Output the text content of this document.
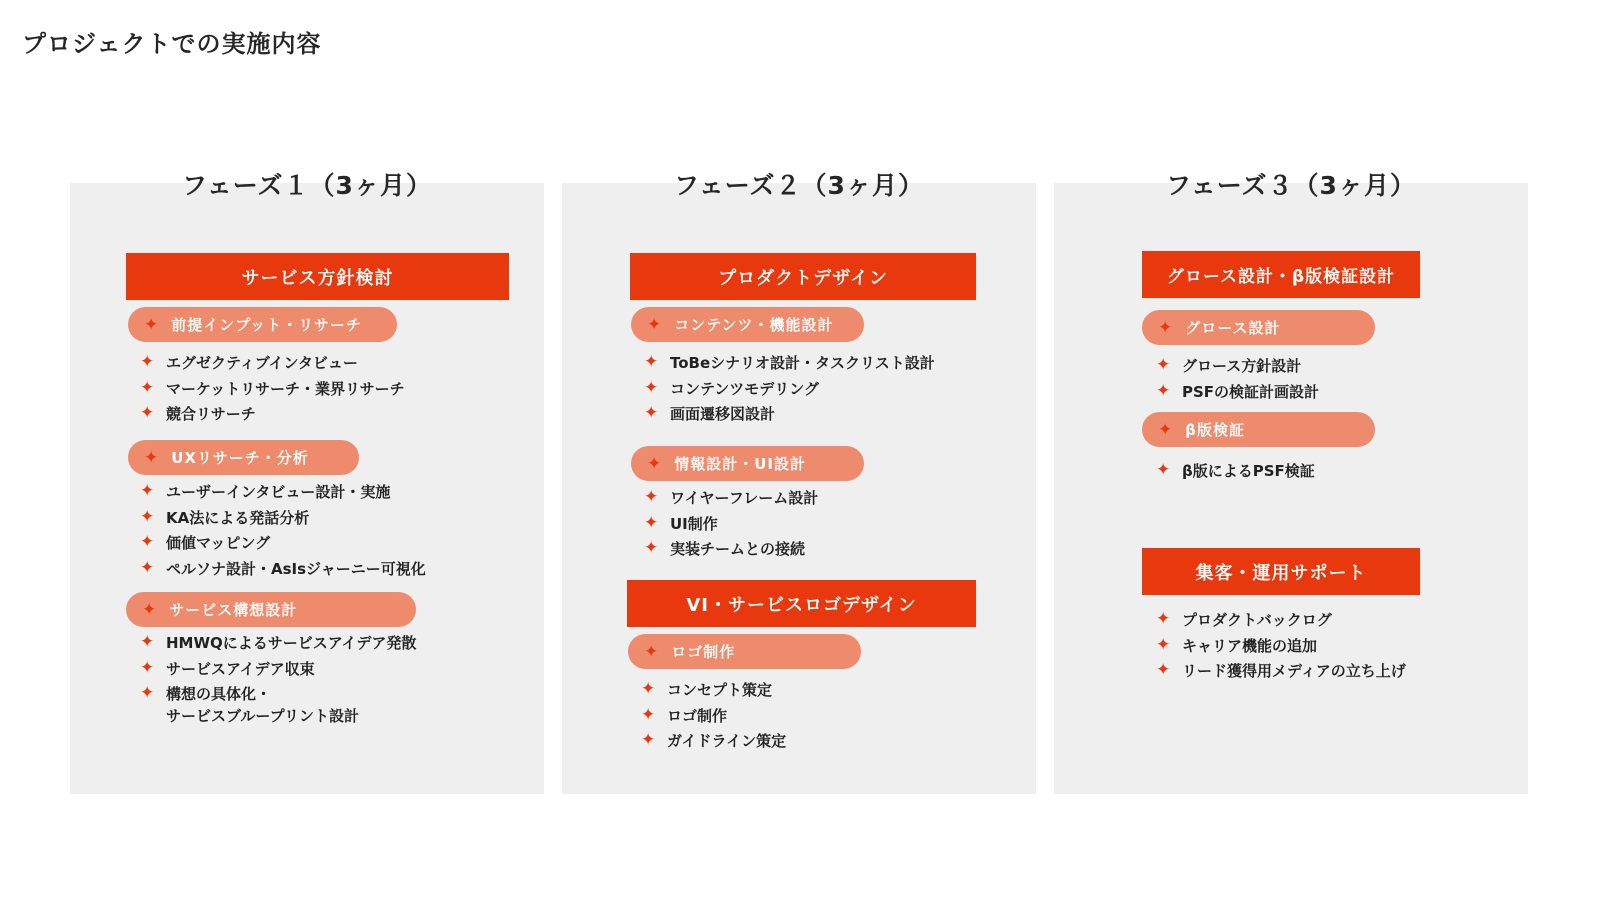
プロジェクトでの実施内容
フェーズ１（3ヶ月）	フェーズ２（3ヶ月）	フェーズ３（3ヶ月）
サービス方針検討
✦ 前提インプット・リサーチ
✦ エグゼクティブインタビュー
✦ マーケットリサーチ・業界リサーチ
✦ 競合リサーチ
✦ UXリサーチ・分析
✦ ユーザーインタビュー設計・実施
✦ KA法による発話分析
✦ 価値マッピング
✦ ペルソナ設計・AsIsジャーニー可視化
✦ サービス構想設計
✦ HMWQによるサービスアイデア発散
✦ サービスアイデア収束
✦ 構想の具体化・
サービスブループリント設計
プロダクトデザイン
✦ コンテンツ・機能設計
✦ ToBeシナリオ設計・タスクリスト設計
✦ コンテンツモデリング
✦ 画面遷移図設計
✦ 情報設計・UI設計
✦ ワイヤーフレーム設計
✦ UI制作
✦ 実装チームとの接続
VI・サービスロゴデザイン
✦ ロゴ制作
✦ コンセプト策定
✦ ロゴ制作
✦ ガイドライン策定
グロース設計・β版検証設計
✦ グロース設計
✦ グロース方針設計
✦ PSFの検証計画設計
✦ β版検証
✦ β版によるPSF検証
集客・運用サポート
✦ プロダクトバックログ
✦ キャリア機能の追加
✦ リード獲得用メディアの立ち上げ
